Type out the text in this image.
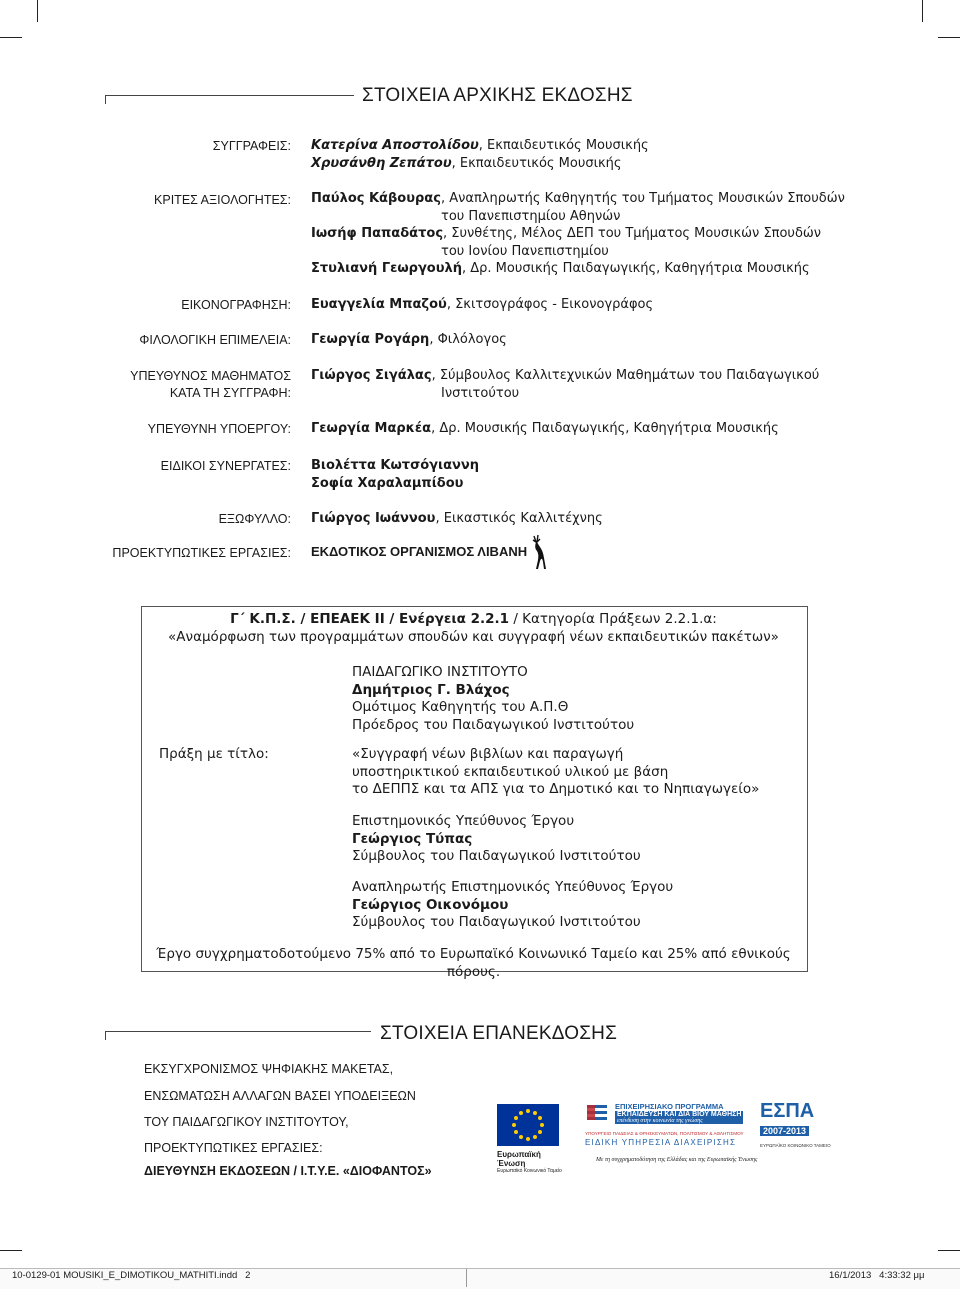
ΣΤΟΙΧΕΙΑ ΑΡΧΙΚΗΣ ΕΚΔΟΣΗΣ
ΣΥΓΓΡΑΦΕΙΣ: Κατερίνα Αποστολίδου, Εκπαιδευτικός Μουσικής
Χρυσάνθη Ζεπάτου, Εκπαιδευτικός Μουσικής
ΚΡΙΤΕΣ ΑΞΙΟΛΟΓΗΤΕΣ: Παύλος Κάβουρας, Αναπληρωτής Καθηγητής του Τμήματος Μουσικών Σπουδών
του Πανεπιστημίου Αθηνών
Ιωσήφ Παπαδάτος, Συνθέτης, Μέλος ΔΕΠ του Τμήματος Μουσικών Σπουδών
του Ιονίου Πανεπιστημίου
Στυλιανή Γεωργουλή, Δρ. Μουσικής Παιδαγωγικής, Καθηγήτρια Μουσικής
ΕΙΚΟΝΟΓΡΑΦΗΣΗ: Ευαγγελία Μπαζού, Σκιτσογράφος - Εικονογράφος
ΦΙΛΟΛΟΓΙΚΗ ΕΠΙΜΕΛΕΙΑ: Γεωργία Ρογάρη, Φιλόλογος
ΥΠΕΥΘΥΝΟΣ ΜΑΘΗΜΑΤΟΣ
ΚΑΤΑ ΤΗ ΣΥΓΓΡΑΦΗ:
Γιώργος Σιγάλας, Σύμβουλος Καλλιτεχνικών Μαθημάτων του Παιδαγωγικού
Ινστιτούτου
ΥΠΕΥΘΥΝΗ ΥΠΟΕΡΓΟΥ: Γεωργία Μαρκέα, Δρ. Μουσικής Παιδαγωγικής, Καθηγήτρια Μουσικής
ΕΙΔΙΚΟΙ ΣΥΝΕΡΓΑΤΕΣ: Βιολέττα Κωτσόγιαννη
Σοφία Χαραλαμπίδου
ΕΞΩΦΥΛΛΟ: Γιώργος Ιωάννου, Εικαστικός Καλλιτέχνης
ΠΡΟΕΚΤΥΠΩΤΙΚΕΣ ΕΡΓΑΣΙΕΣ: ΕΚΔΟΤΙΚΟΣ ΟΡΓΑΝΙΣΜΟΣ ΛΙΒΑΝΗ
Γ΄ Κ.Π.Σ. / ΕΠΕΑΕΚ ΙΙ / Ενέργεια 2.2.1 / Κατηγορία Πράξεων 2.2.1.α:
«Αναμόρφωση των προγραμμάτων σπουδών και συγγραφή νέων εκπαιδευτικών πακέτων»
ΠΑΙΔΑΓΩΓΙΚΟ ΙΝΣΤΙΤΟΥΤΟ
Δημήτριος Γ. Βλάχος
Ομότιμος Καθηγητής του Α.Π.Θ
Πρόεδρος του Παιδαγωγικού Ινστιτούτου
Πράξη με τίτλο:	«Συγγραφή νέων βιβλίων και παραγωγή
υποστηρικτικού εκπαιδευτικού υλικού με βάση
το ΔΕΠΠΣ και τα ΑΠΣ για το Δημοτικό και το Νηπιαγωγείο»
Επιστημονικός Υπεύθυνος Έργου
Γεώργιος Τύπας
Σύμβουλος του Παιδαγωγικού Ινστιτούτου
Αναπληρωτής Επιστημονικός Υπεύθυνος Έργου
Γεώργιος Οικονόμου
Σύμβουλος του Παιδαγωγικού Ινστιτούτου
Έργο συγχρηματοδοτούμενο 75% από το Ευρωπαϊκό Κοινωνικό Ταμείο και 25% από εθνικούς πόρους.
ΣΤΟΙΧΕΙΑ ΕΠΑΝΕΚΔΟΣΗΣ
ΕΚΣΥΓΧΡΟΝΙΣΜΟΣ ΨΗΦΙΑΚΗΣ ΜΑΚΕΤΑΣ,
ΕΝΣΩΜΑΤΩΣΗ ΑΛΛΑΓΩΝ ΒΑΣΕΙ ΥΠΟΔΕΙΞΕΩΝ
ΤΟΥ ΠΑΙΔΑΓΩΓΙΚΟΥ ΙΝΣΤΙΤΟΥΤΟΥ,
ΠΡΟΕΚΤΥΠΩΤΙΚΕΣ ΕΡΓΑΣΙΕΣ:
ΔΙΕΥΘΥΝΣΗ ΕΚΔΟΣΕΩΝ / Ι.Τ.Υ.Ε. «ΔΙΟΦΑΝΤΟΣ»
Ευρωπαϊκή Ένωση
Ευρωπαϊκό Κοινωνικό Ταμείο
ΕΠΙΧΕΙΡΗΣΙΑΚΟ ΠΡΟΓΡΑΜΜΑ
ΕΚΠΑΙΔΕΥΣΗ ΚΑΙ ΔΙΑ ΒΙΟΥ ΜΑΘΗΣΗ
επένδυση στην κοινωνία της γνώσης
ΥΠΟΥΡΓΕΙΟ ΠΑΙΔΕΙΑΣ & ΘΡΗΣΚΕΥΜΑΤΩΝ, ΠΟΛΙΤΙΣΜΟΥ & ΑΘΛΗΤΙΣΜΟΥ
ΕΙΔΙΚΗ ΥΠΗΡΕΣΙΑ ΔΙΑΧΕΙΡΙΣΗΣ
ΕΣΠΑ
2007-2013
ΕΥΡΩΠΑΪΚΟ ΚΟΙΝΩΝΙΚΟ ΤΑΜΕΙΟ
Με τη συγχρηματοδότηση της Ελλάδας και της Ευρωπαϊκής Ένωσης
10-0129-01 MOUSIKI_E_DIMOTIKOU_MATHITI.indd   2	16/1/2013   4:33:32 μμ
